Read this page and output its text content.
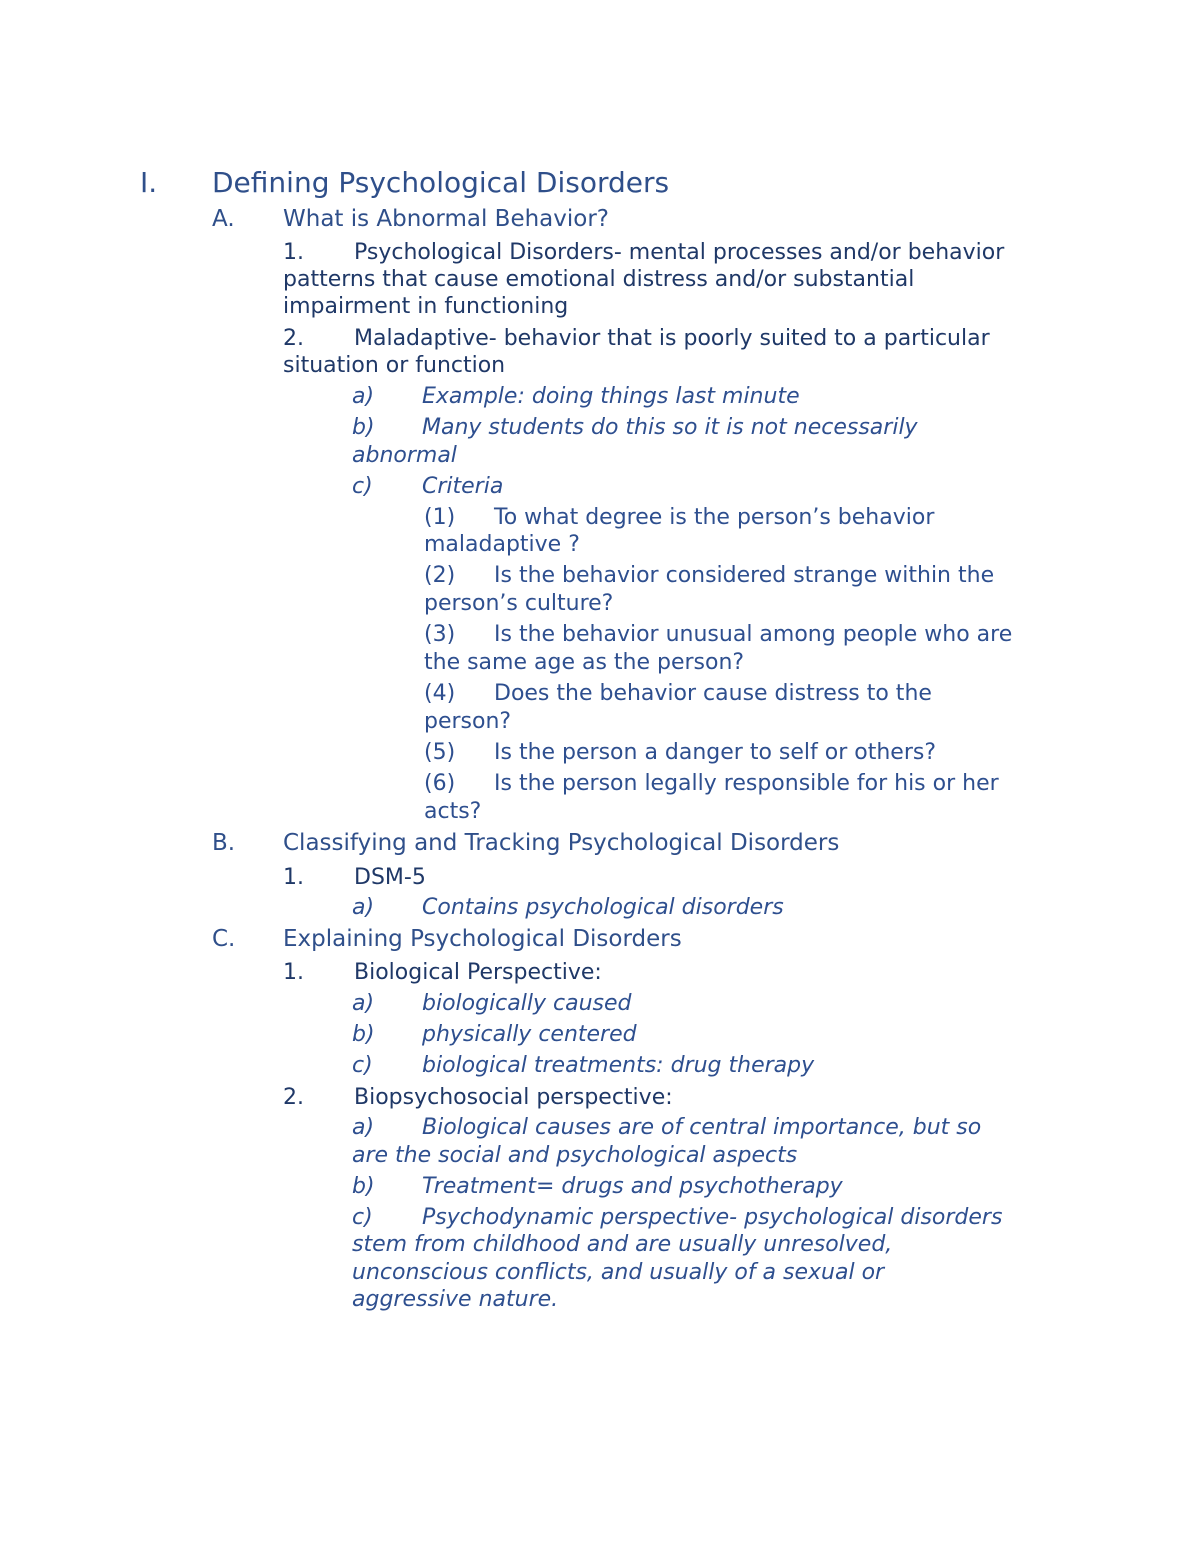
I. Defining Psychological Disorders
A. What is Abnormal Behavior?
1. Psychological Disorders- mental processes and/or behavior
patterns that cause emotional distress and/or substantial
impairment in functioning
2. Maladaptive- behavior that is poorly suited to a particular
situation or function
a) Example: doing things last minute
b) Many students do this so it is not necessarily
abnormal
c) Criteria
(1) To what degree is the person’s behavior
maladaptive ?
(2) Is the behavior considered strange within the
person’s culture?
(3) Is the behavior unusual among people who are
the same age as the person?
(4) Does the behavior cause distress to the
person?
(5) Is the person a danger to self or others?
(6) Is the person legally responsible for his or her
acts?
B. Classifying and Tracking Psychological Disorders
1. DSM-5
a) Contains psychological disorders
C. Explaining Psychological Disorders
1. Biological Perspective:
a) biologically caused
b) physically centered
c) biological treatments: drug therapy
2. Biopsychosocial perspective:
a) Biological causes are of central importance, but so
are the social and psychological aspects
b) Treatment= drugs and psychotherapy
c) Psychodynamic perspective- psychological disorders
stem from childhood and are usually unresolved,
unconscious conflicts, and usually of a sexual or
aggressive nature.
